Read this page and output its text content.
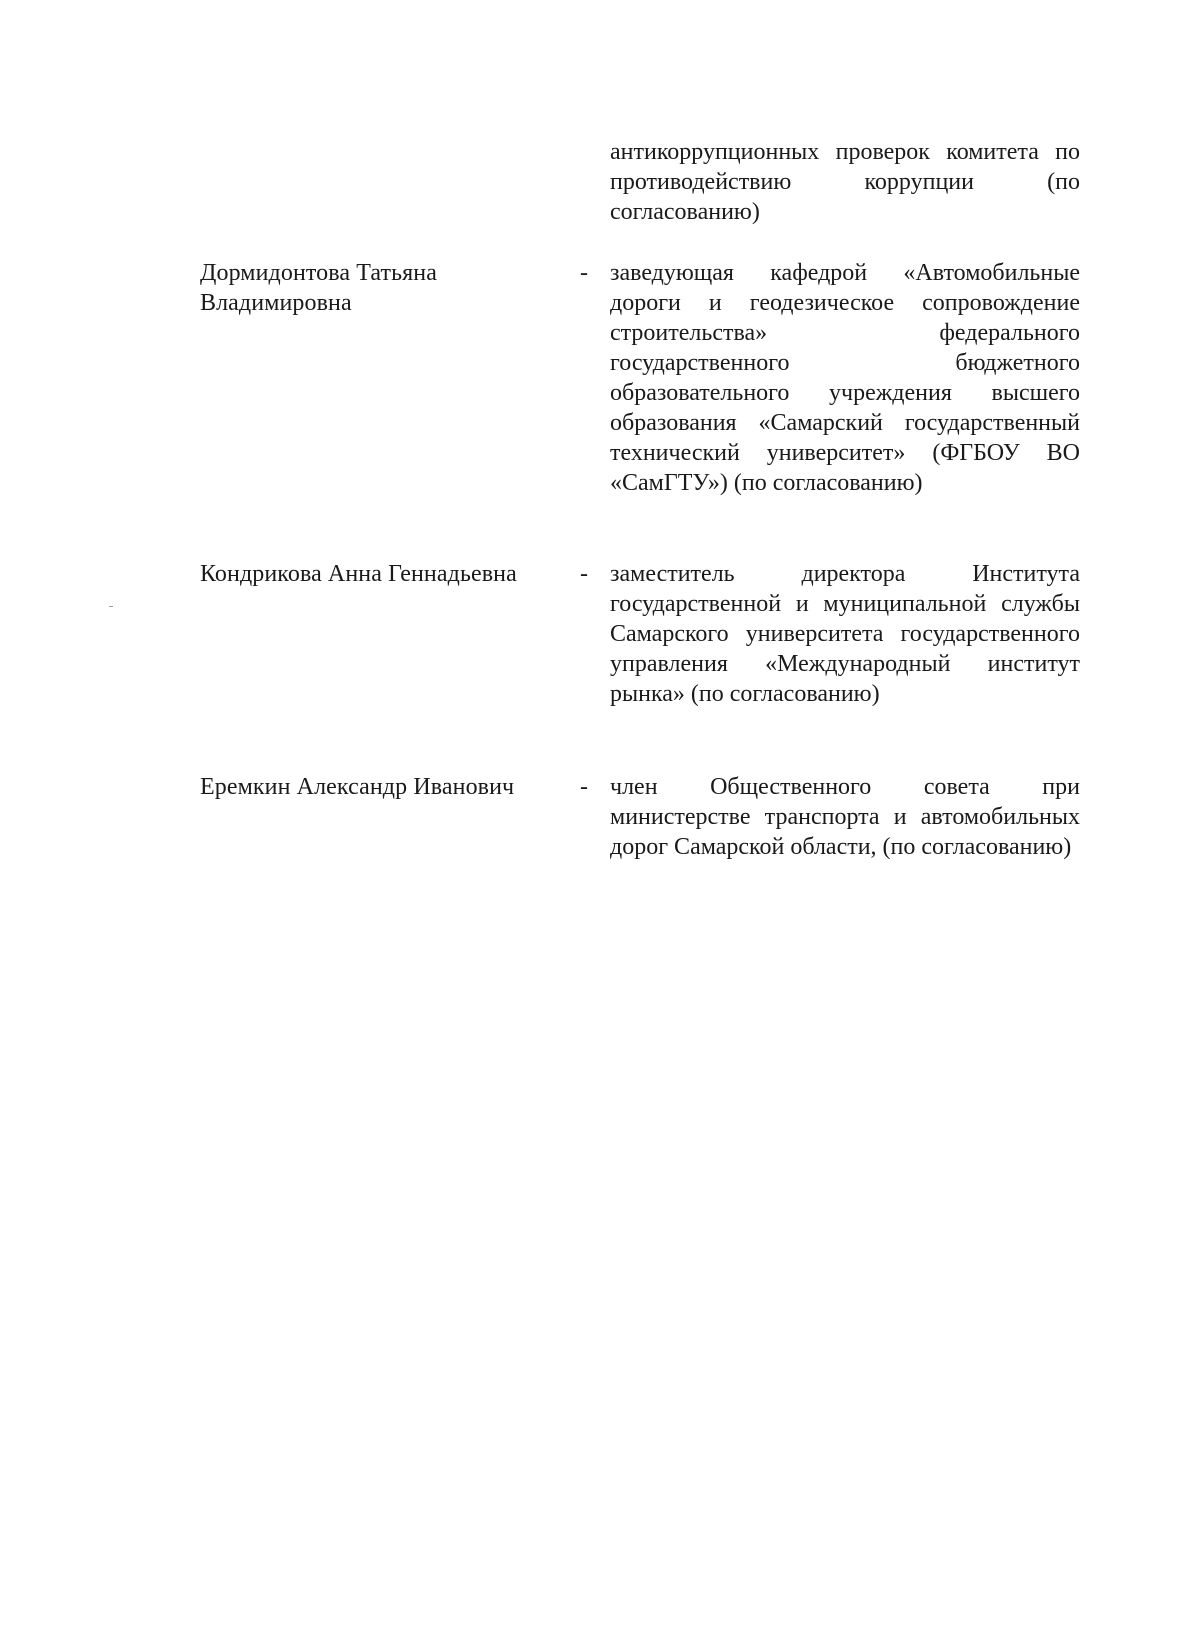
антикоррупционных проверок комитета по противодействию коррупции (по согласованию)
Дормидонтова Татьяна Владимировна
- заведующая кафедрой «Автомобильные дороги и геодезическое сопровождение строительства» федерального государственного бюджетного образовательного учреждения высшего образования «Самарский государственный технический университет» (ФГБОУ ВО «СамГТУ») (по согласованию)
Кондрикова Анна Геннадьевна	- заместитель директора Института государственной и муниципальной службы Самарского университета государственного управления «Международный институт рынка» (по согласованию)
Еремкин Александр Иванович	- член Общественного совета при министерстве транспорта и автомобильных дорог Самарской области, (по согласованию)
